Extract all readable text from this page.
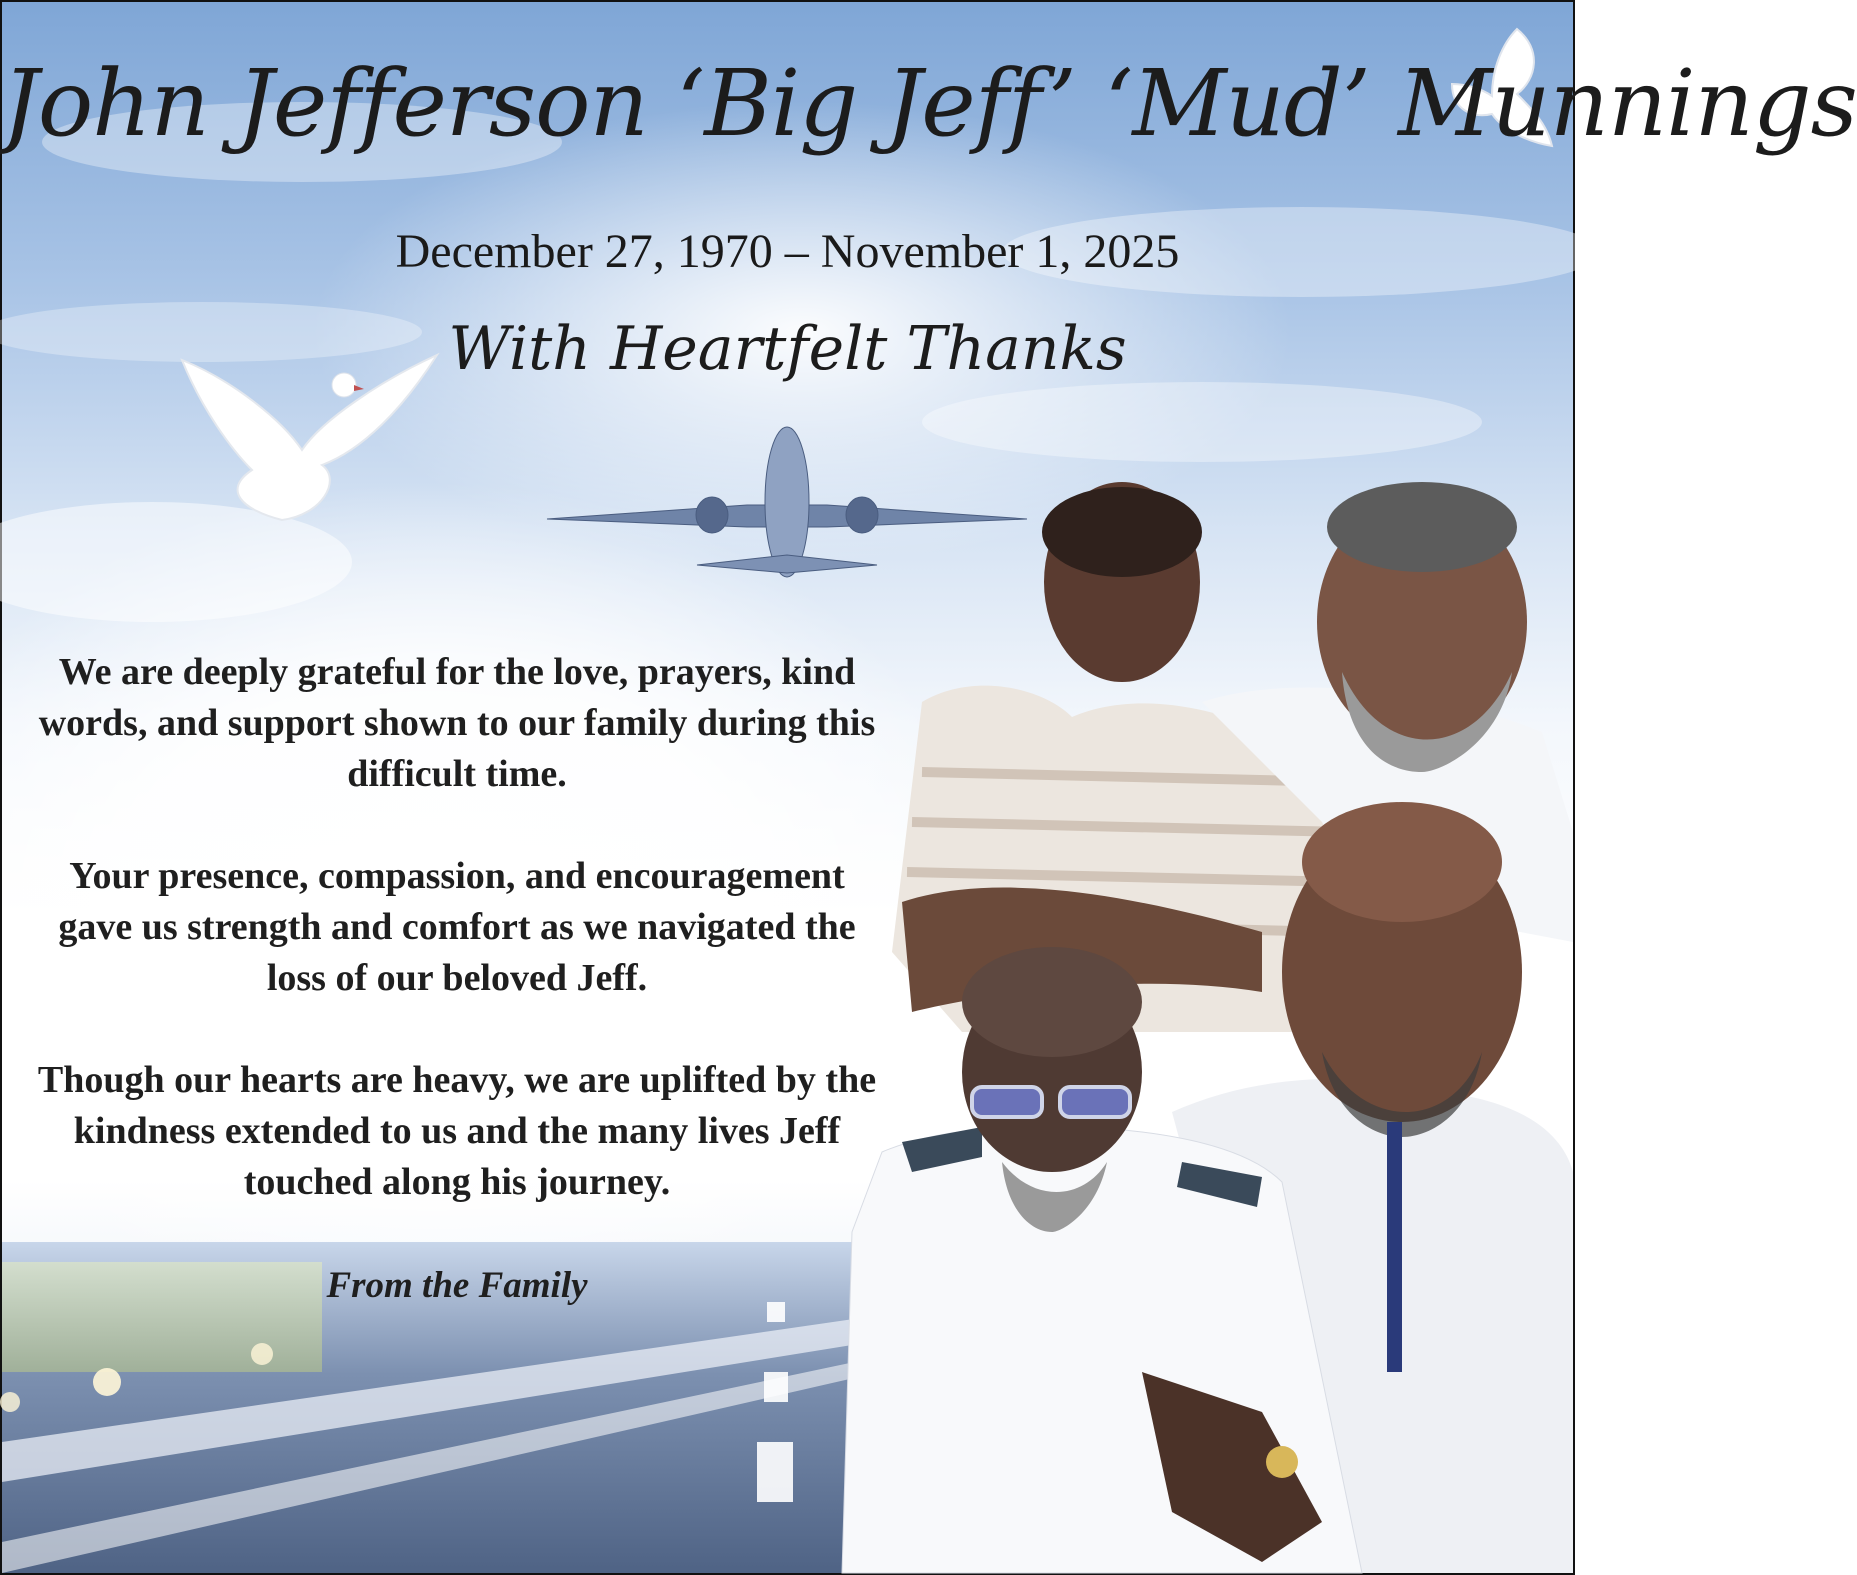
John Jefferson ‘Big Jeff’ ‘Mud’ Munnings
December 27, 1970 – November 1, 2025
With Heartfelt Thanks

We are deeply grateful for the love, prayers, kind words, and support shown to our family during this difficult time.

Your presence, compassion, and encouragement gave us strength and comfort as we navigated the loss of our beloved Jeff.

Though our hearts are heavy, we are uplifted by the kindness extended to us and the many lives Jeff touched along his journey.

From the Family
